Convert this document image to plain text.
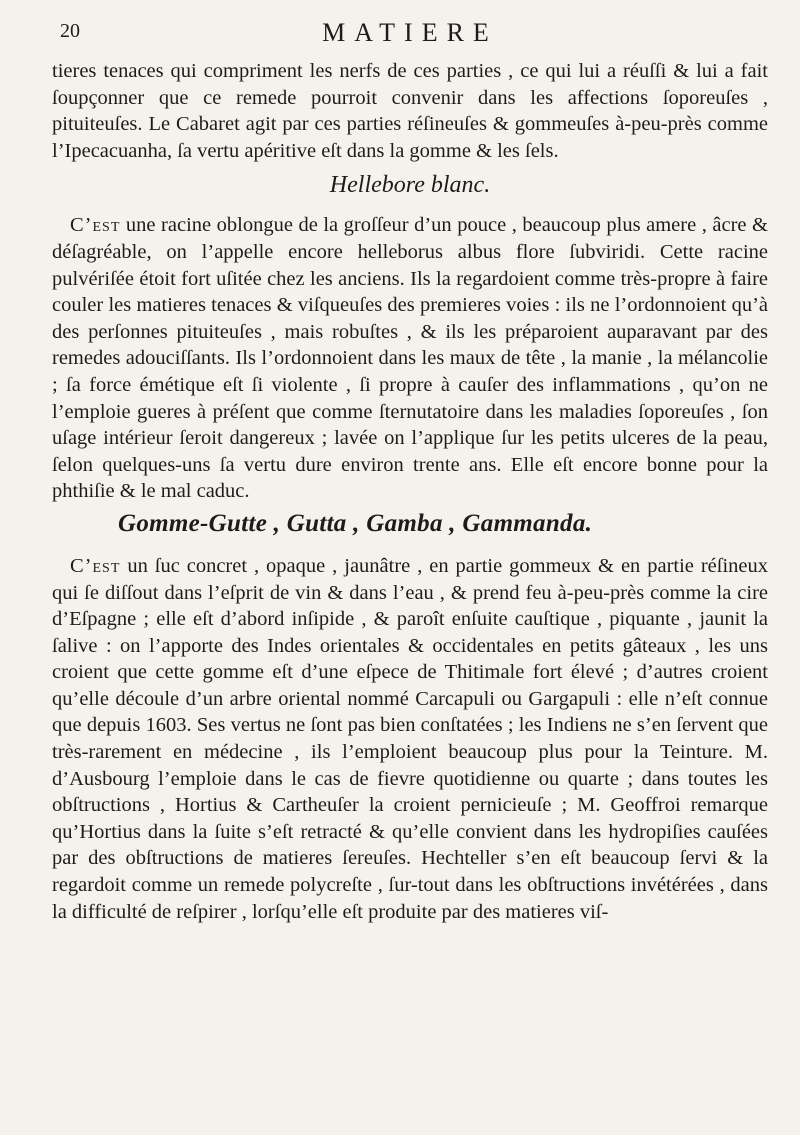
20	MATIERE

tieres tenaces qui compriment les nerfs de ces parties , ce qui lui a réuſſi & lui a fait ſoupçonner que ce remede pourroit convenir dans les affections ſoporeuſes , pituiteuſes. Le Cabaret agit par ces parties réſineuſes & gommeuſes à-peu-près comme l’Ipecacuanha, ſa vertu apéritive eſt dans la gomme & les ſels.

Hellebore blanc.

C’est une racine oblongue de la groſſeur d’un pouce , beaucoup plus amere , âcre & déſagréable, on l’appelle encore helleborus albus flore ſubviridi. Cette racine pulvériſée étoit fort uſitée chez les anciens. Ils la regardoient comme très-propre à faire couler les matieres tenaces & viſqueuſes des premieres voies : ils ne l’ordonnoient qu’à des perſonnes pituiteuſes , mais robuſtes , & ils les préparoient auparavant par des remedes adouciſſants. Ils l’ordonnoient dans les maux de tête , la manie , la mélancolie ; ſa force émétique eſt ſi violente , ſi propre à cauſer des inflammations , qu’on ne l’emploie gueres à préſent que comme ſternutatoire dans les maladies ſoporeuſes , ſon uſage intérieur ſeroit dangereux ; lavée on l’applique ſur les petits ulceres de la peau, ſelon quelques-uns ſa vertu dure environ trente ans. Elle eſt encore bonne pour la phthiſie & le mal caduc.

Gomme-Gutte , Gutta , Gamba , Gammanda.

C’est un ſuc concret , opaque , jaunâtre , en partie gommeux & en partie réſineux qui ſe diſſout dans l’eſprit de vin & dans l’eau , & prend feu à-peu-près comme la cire d’Eſpagne ; elle eſt d’abord inſipide , & paroît enſuite cauſtique , piquante , jaunit la ſalive : on l’apporte des Indes orientales & occidentales en petits gâteaux , les uns croient que cette gomme eſt d’une eſpece de Thitimale fort élevé ; d’autres croient qu’elle découle d’un arbre oriental nommé Carcapuli ou Gargapuli : elle n’eſt connue que depuis 1603. Ses vertus ne ſont pas bien conſtatées ; les Indiens ne s’en ſervent que très-rarement en médecine , ils l’emploient beaucoup plus pour la Teinture. M. d’Ausbourg l’emploie dans le cas de fievre quotidienne ou quarte ; dans toutes les obſtructions , Hortius & Cartheuſer la croient pernicieuſe ; M. Geoffroi remarque qu’Hortius dans la ſuite s’eſt retracté & qu’elle convient dans les hydropiſies cauſées par des obſtructions de matieres ſereuſes. Hechteller s’en eſt beaucoup ſervi & la regardoit comme un remede polycreſte , ſur-tout dans les obſtructions invétérées , dans la difficulté de reſpirer , lorſqu’elle eſt produite par des matieres viſ-
